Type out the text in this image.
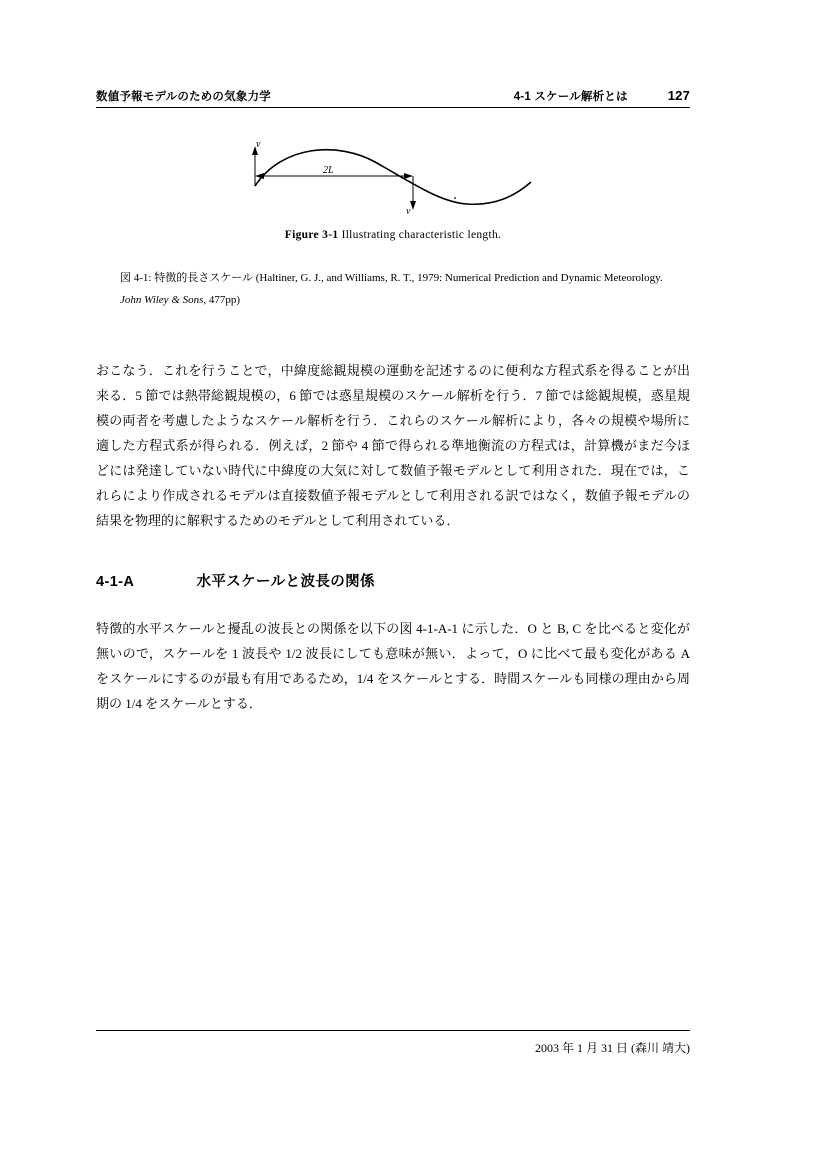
数値予報モデルのための気象力学	4-1 スケール解析とは	127
v
v
2L
Figure 3-1 Illustrating characteristic length.
図 4-1: 特徴的長さスケール (Haltiner, G. J., and Williams, R. T., 1979: Numerical Prediction and Dynamic Meteorology. John Wiley & Sons, 477pp)

おこなう．これを行うことで，中緯度総観規模の運動を記述するのに便利な方程式系を得ることが出来る．5 節では熱帯総観規模の，6 節では惑星規模のスケール解析を行う．7 節では総観規模，惑星規模の両者を考慮したようなスケール解析を行う．これらのスケール解析により，各々の規模や場所に適した方程式系が得られる．例えば，2 節や 4 節で得られる準地衡流の方程式は，計算機がまだ今ほどには発達していない時代に中緯度の大気に対して数値予報モデルとして利用された．現在では，これらにより作成されるモデルは直接数値予報モデルとして利用される訳ではなく，数値予報モデルの結果を物理的に解釈するためのモデルとして利用されている．

4-1-A	水平スケールと波長の関係

特徴的水平スケールと擾乱の波長との関係を以下の図 4-1-A-1 に示した．O と B, C を比べると変化が無いので，スケールを 1 波長や 1/2 波長にしても意味が無い．よって，O に比べて最も変化がある A をスケールにするのが最も有用であるため，1/4 をスケールとする．時間スケールも同様の理由から周期の 1/4 をスケールとする．

2003 年 1 月 31 日 (森川 靖大)
